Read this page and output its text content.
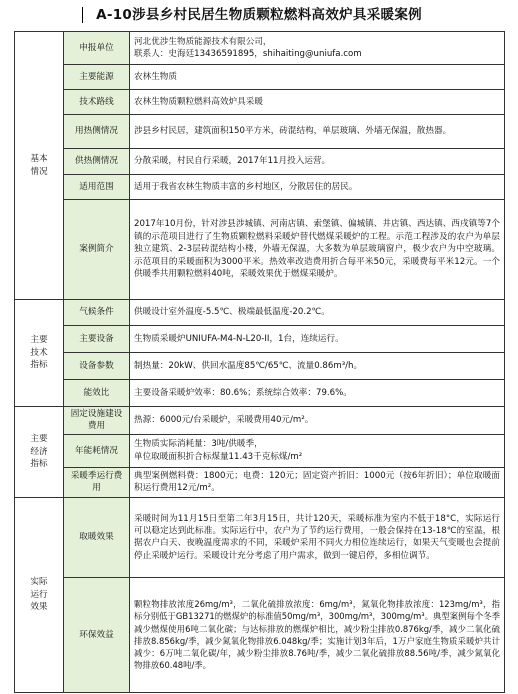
A-10涉县乡村民居生物质颗粒燃料高效炉具采暖案例
基本情况	申报单位	河北优涉生物质能源技术有限公司，
联系人：史海廷13436591895，shihaiting@uniufa.com
	主要能源	农林生物质
	技术路线	农林生物质颗粒燃料高效炉具采暖
	用热侧情况	涉县乡村民居，建筑面积150平方米，砖混结构，单层玻璃、外墙无保温，散热器。
	供热侧情况	分散采暖，村民自行采暖，2017年11月投入运营。
	适用范围	适用于我省农林生物质丰富的乡村地区，分散居住的居民。
	案例简介	2017年10月份，针对涉县涉城镇、河南店镇、索堡镇、偏城镇、井店镇、西达镇、西戌镇等7个镇的示范项目进行了生物质颗粒燃料采暖炉替代燃煤采暖炉的工程。示范工程涉及的农户为单层独立建筑、2-3层砖混结构小楼，外墙无保温，大多数为单层玻璃窗户，极少农户为中空玻璃。示范项目的采暖面积为3000平米。热效率改造费用折合每平米50元，采暖费每平米12元。一个供暖季共用颗粒燃料40吨，采暖效果优于燃煤采暖炉。
主要技术指标	气候条件	供暖设计室外温度-5.5℃、极端最低温度-20.2℃。
	主要设备	生物质采暖炉UNIUFA-M4-N-L20-II，1台，连续运行。
	设备参数	制热量：20kW、供回水温度85℃/65℃、流量0.86m³/h。
	能效比	主要设备采暖炉效率：80.6%；系统综合效率：79.6%。
主要经济指标	固定设施建设费用	热源：6000元/台采暖炉，采暖费用40元/m²。
	年能耗情况	生物质实际消耗量：3吨/供暖季，
单位取暖面积折合标煤量11.43千克标煤/m²
	采暖季运行费用	典型案例燃料费：1800元；电费：120元；固定资产折旧：1000元（按6年折旧）；单位取暖面积运行费用12元/m²。
实际运行效果	取暖效果	采暖时间为11月15日至第二年3月15日，共计120天，采暖标准为室内不低于18°C，实际运行可以稳定达到此标准。实际运行中，农户为了节约运行费用，一般会保持在13-18℃的室温，根据农户白天、夜晚温度需求的不同，采暖炉采用不同火力相位连续运行，如果天气变暖也会提前停止采暖炉运行。采暖设计充分考虑了用户需求，做到一键启停，多相位调节。
	环保效益	颗粒物排放浓度26mg/m³，二氧化硫排放浓度：6mg/m³，氮氧化物排放浓度：123mg/m³，指标分别低于GB13271的燃煤炉的标准值50mg/m³，300mg/m³，300mg/m³。典型案例每个冬季减少燃煤使用6吨二氧化碳；与达标排放的燃煤炉相比，减少粉尘排放0.876kg/季，减少二氧化硫排放8.856kg/季，减少氮氧化物排放6.048kg/季；实施计划3年后，1万户家庭生物质采暖炉共计减少：6万吨二氧化碳/年，减少粉尘排放8.76吨/季，减少二氧化硫排放88.56吨/季，减少氮氧化物排放60.48吨/季。
